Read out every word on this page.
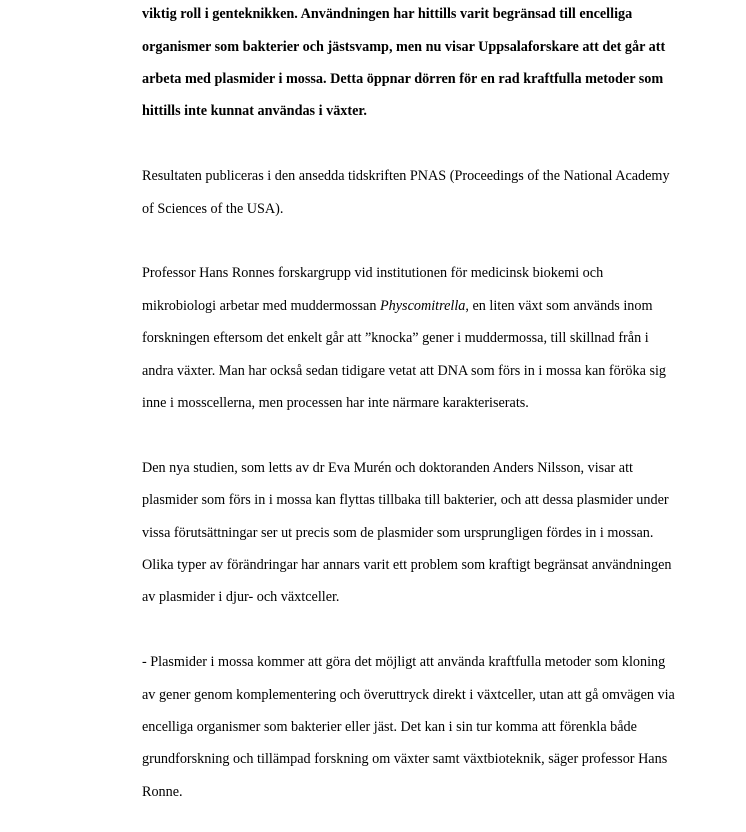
viktig roll i genteknikken. Användningen har hittills varit begränsad till encelliga

organismer som bakterier och jästsvamp, men nu visar Uppsalaforskare att det går att

arbeta med plasmider i mossa. Detta öppnar dörren för en rad kraftfulla metoder som

hittills inte kunnat användas i växter.

Resultaten publiceras i den ansedda tidskriften PNAS (Proceedings of the National Academy

of Sciences of the USA).

Professor Hans Ronnes forskargrupp vid institutionen för medicinsk biokemi och

mikrobiologi arbetar med muddermossan Physcomitrella, en liten växt som används inom

forskningen eftersom det enkelt går att ”knocka” gener i muddermossa, till skillnad från i

andra växter. Man har också sedan tidigare vetat att DNA som förs in i mossa kan föröka sig

inne i mosscellerna, men processen har inte närmare karakteriserats.

Den nya studien, som letts av dr Eva Murén och doktoranden Anders Nilsson, visar att

plasmider som förs in i mossa kan flyttas tillbaka till bakterier, och att dessa plasmider under

vissa förutsättningar ser ut precis som de plasmider som ursprungligen fördes in i mossan.

Olika typer av förändringar har annars varit ett problem som kraftigt begränsat användningen

av plasmider i djur- och växtceller.

- Plasmider i mossa kommer att göra det möjligt att använda kraftfulla metoder som kloning

av gener genom komplementering och överuttryck direkt i växtceller, utan att gå omvägen via

encelliga organismer som bakterier eller jäst. Det kan i sin tur komma att förenkla både

grundforskning och tillämpad forskning om växter samt växtbioteknik, säger professor Hans

Ronne.
